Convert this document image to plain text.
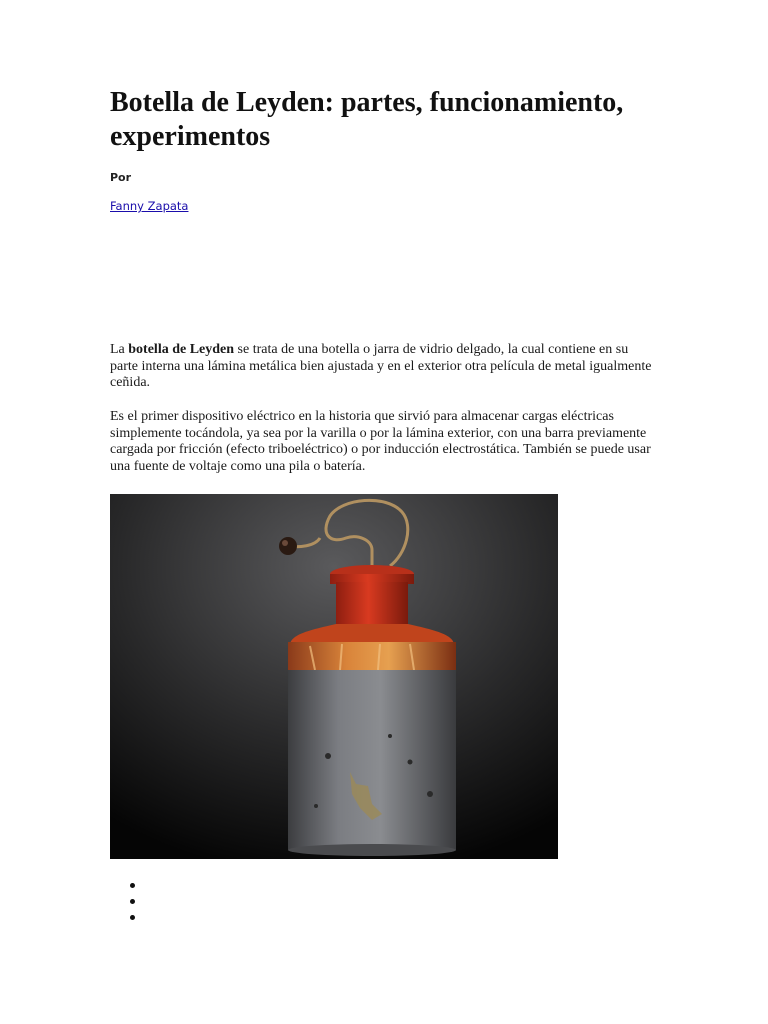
Botella de Leyden: partes, funcionamiento, experimentos

Por

Fanny Zapata

La botella de Leyden se trata de una botella o jarra de vidrio delgado, la cual contiene en su parte interna una lámina metálica bien ajustada y en el exterior otra película de metal igualmente ceñida.

Es el primer dispositivo eléctrico en la historia que sirvió para almacenar cargas eléctricas simplemente tocándola, ya sea por la varilla o por la lámina exterior, con una barra previamente cargada por fricción (efecto triboeléctrico) o por inducción electrostática. También se puede usar una fuente de voltaje como una pila o batería.
